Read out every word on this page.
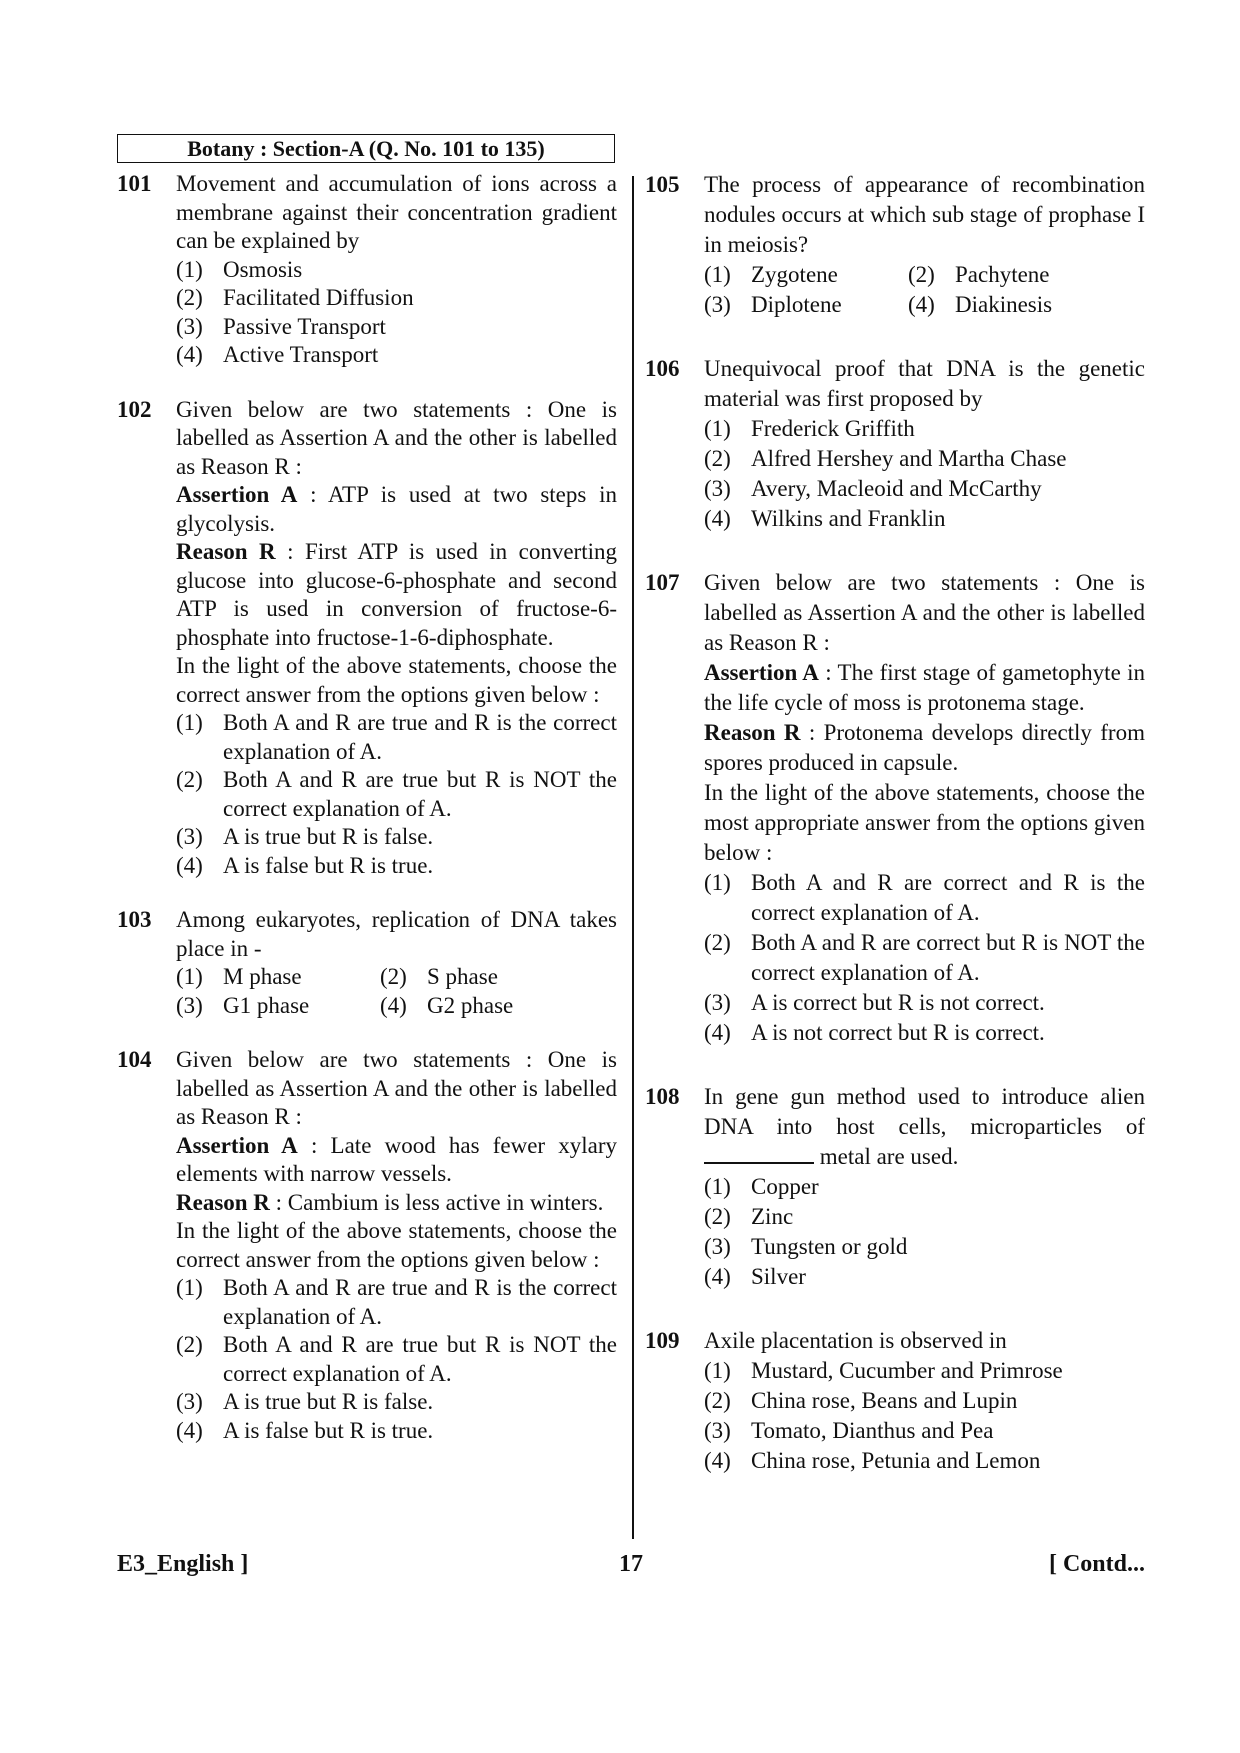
Botany : Section-A (Q. No. 101 to 135)
101	Movement and accumulation of ions across a membrane against their concentration gradient can be explained by
(1) Osmosis
(2) Facilitated Diffusion
(3) Passive Transport
(4) Active Transport
102	Given below are two statements : One is labelled as Assertion A and the other is labelled as Reason R :
Assertion A : ATP is used at two steps in glycolysis.
Reason R : First ATP is used in converting glucose into glucose-6-phosphate and second ATP is used in conversion of fructose-6-phosphate into fructose-1-6-diphosphate.
In the light of the above statements, choose the correct answer from the options given below :
(1) Both A and R are true and R is the correct explanation of A.
(2) Both A and R are true but R is NOT the correct explanation of A.
(3) A is true but R is false.
(4) A is false but R is true.
103	Among eukaryotes, replication of DNA takes place in -
(1) M phase	(2) S phase
(3) G1 phase	(4) G2 phase
104	Given below are two statements : One is labelled as Assertion A and the other is labelled as Reason R :
Assertion A : Late wood has fewer xylary elements with narrow vessels.
Reason R : Cambium is less active in winters.
In the light of the above statements, choose the correct answer from the options given below :
(1) Both A and R are true and R is the correct explanation of A.
(2) Both A and R are true but R is NOT the correct explanation of A.
(3) A is true but R is false.
(4) A is false but R is true.
105	The process of appearance of recombination nodules occurs at which sub stage of prophase I in meiosis?
(1) Zygotene	(2) Pachytene
(3) Diplotene	(4) Diakinesis
106	Unequivocal proof that DNA is the genetic material was first proposed by
(1) Frederick Griffith
(2) Alfred Hershey and Martha Chase
(3) Avery, Macleoid and McCarthy
(4) Wilkins and Franklin
107	Given below are two statements : One is labelled as Assertion A and the other is labelled as Reason R :
Assertion A : The first stage of gametophyte in the life cycle of moss is protonema stage.
Reason R : Protonema develops directly from spores produced in capsule.
In the light of the above statements, choose the most appropriate answer from the options given below :
(1) Both A and R are correct and R is the correct explanation of A.
(2) Both A and R are correct but R is NOT the correct explanation of A.
(3) A is correct but R is not correct.
(4) A is not correct but R is correct.
108	In gene gun method used to introduce alien DNA into host cells, microparticles of  metal are used.
(1) Copper
(2) Zinc
(3) Tungsten or gold
(4) Silver
109	Axile placentation is observed in
(1) Mustard, Cucumber and Primrose
(2) China rose, Beans and Lupin
(3) Tomato, Dianthus and Pea
(4) China rose, Petunia and Lemon
E3_English ]	17	[ Contd...
